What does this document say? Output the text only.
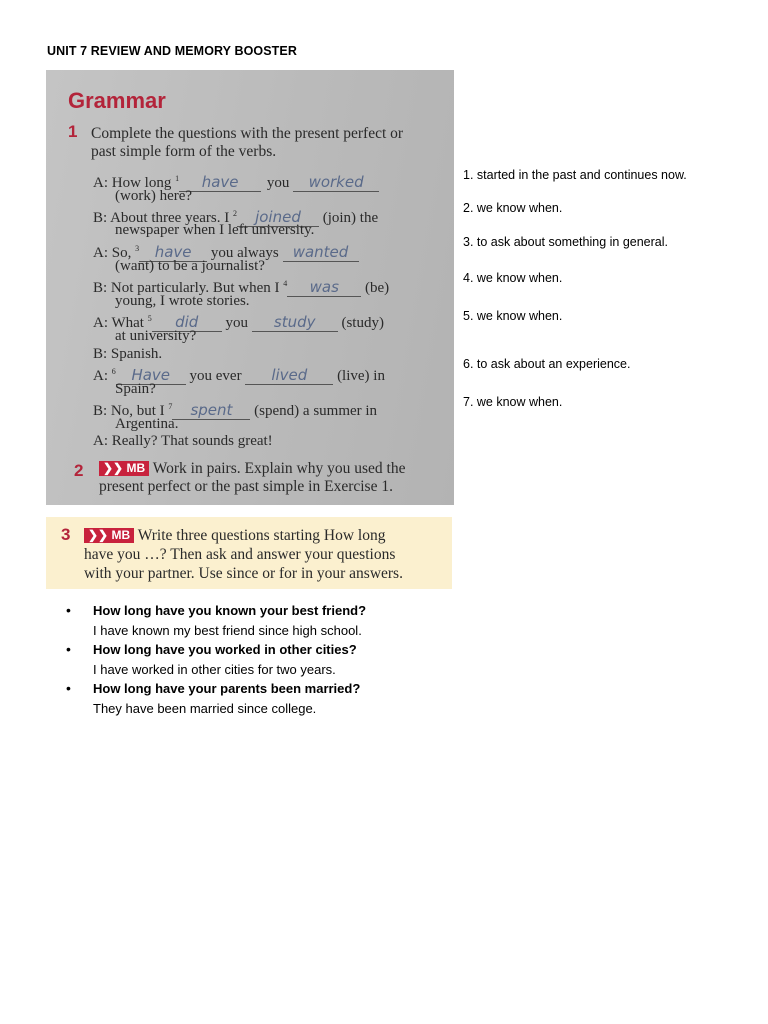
UNIT 7 REVIEW AND MEMORY BOOSTER
Grammar
1 Complete the questions with the present perfect or
past simple form of the verbs.
A: How long $^1$ have you worked
(work) here?
B: About three years. I $^2$ joined (join) the
newspaper when I left university.
A: So, $^3$ have you always wanted
(want) to be a journalist?
B: Not particularly. But when I $^4$ was (be)
young, I wrote stories.
A: What $^5$ did you study (study)
at university?
B: Spanish.
A: $^6$ Have you ever lived (live) in
Spain?
B: No, but I $^7$ spent (spend) a summer in
Argentina.
A: Really? That sounds great!
2	❯❯ MB Work in pairs. Explain why you used the
present perfect or the past simple in Exercise 1.
3	❯❯ MB Write three questions starting How long
have you …? Then ask and answer your questions
with your partner. Use since or for in your answers.
1. started in the past and continues now.
2. we know when.
3. to ask about something in general.
4. we know when.
5. we know when.
6. to ask about an experience.
7. we know when.
• How long have you known your best friend?
I have known my best friend since high school.
• How long have you worked in other cities?
I have worked in other cities for two years.
• How long have your parents been married?
They have been married since college.
